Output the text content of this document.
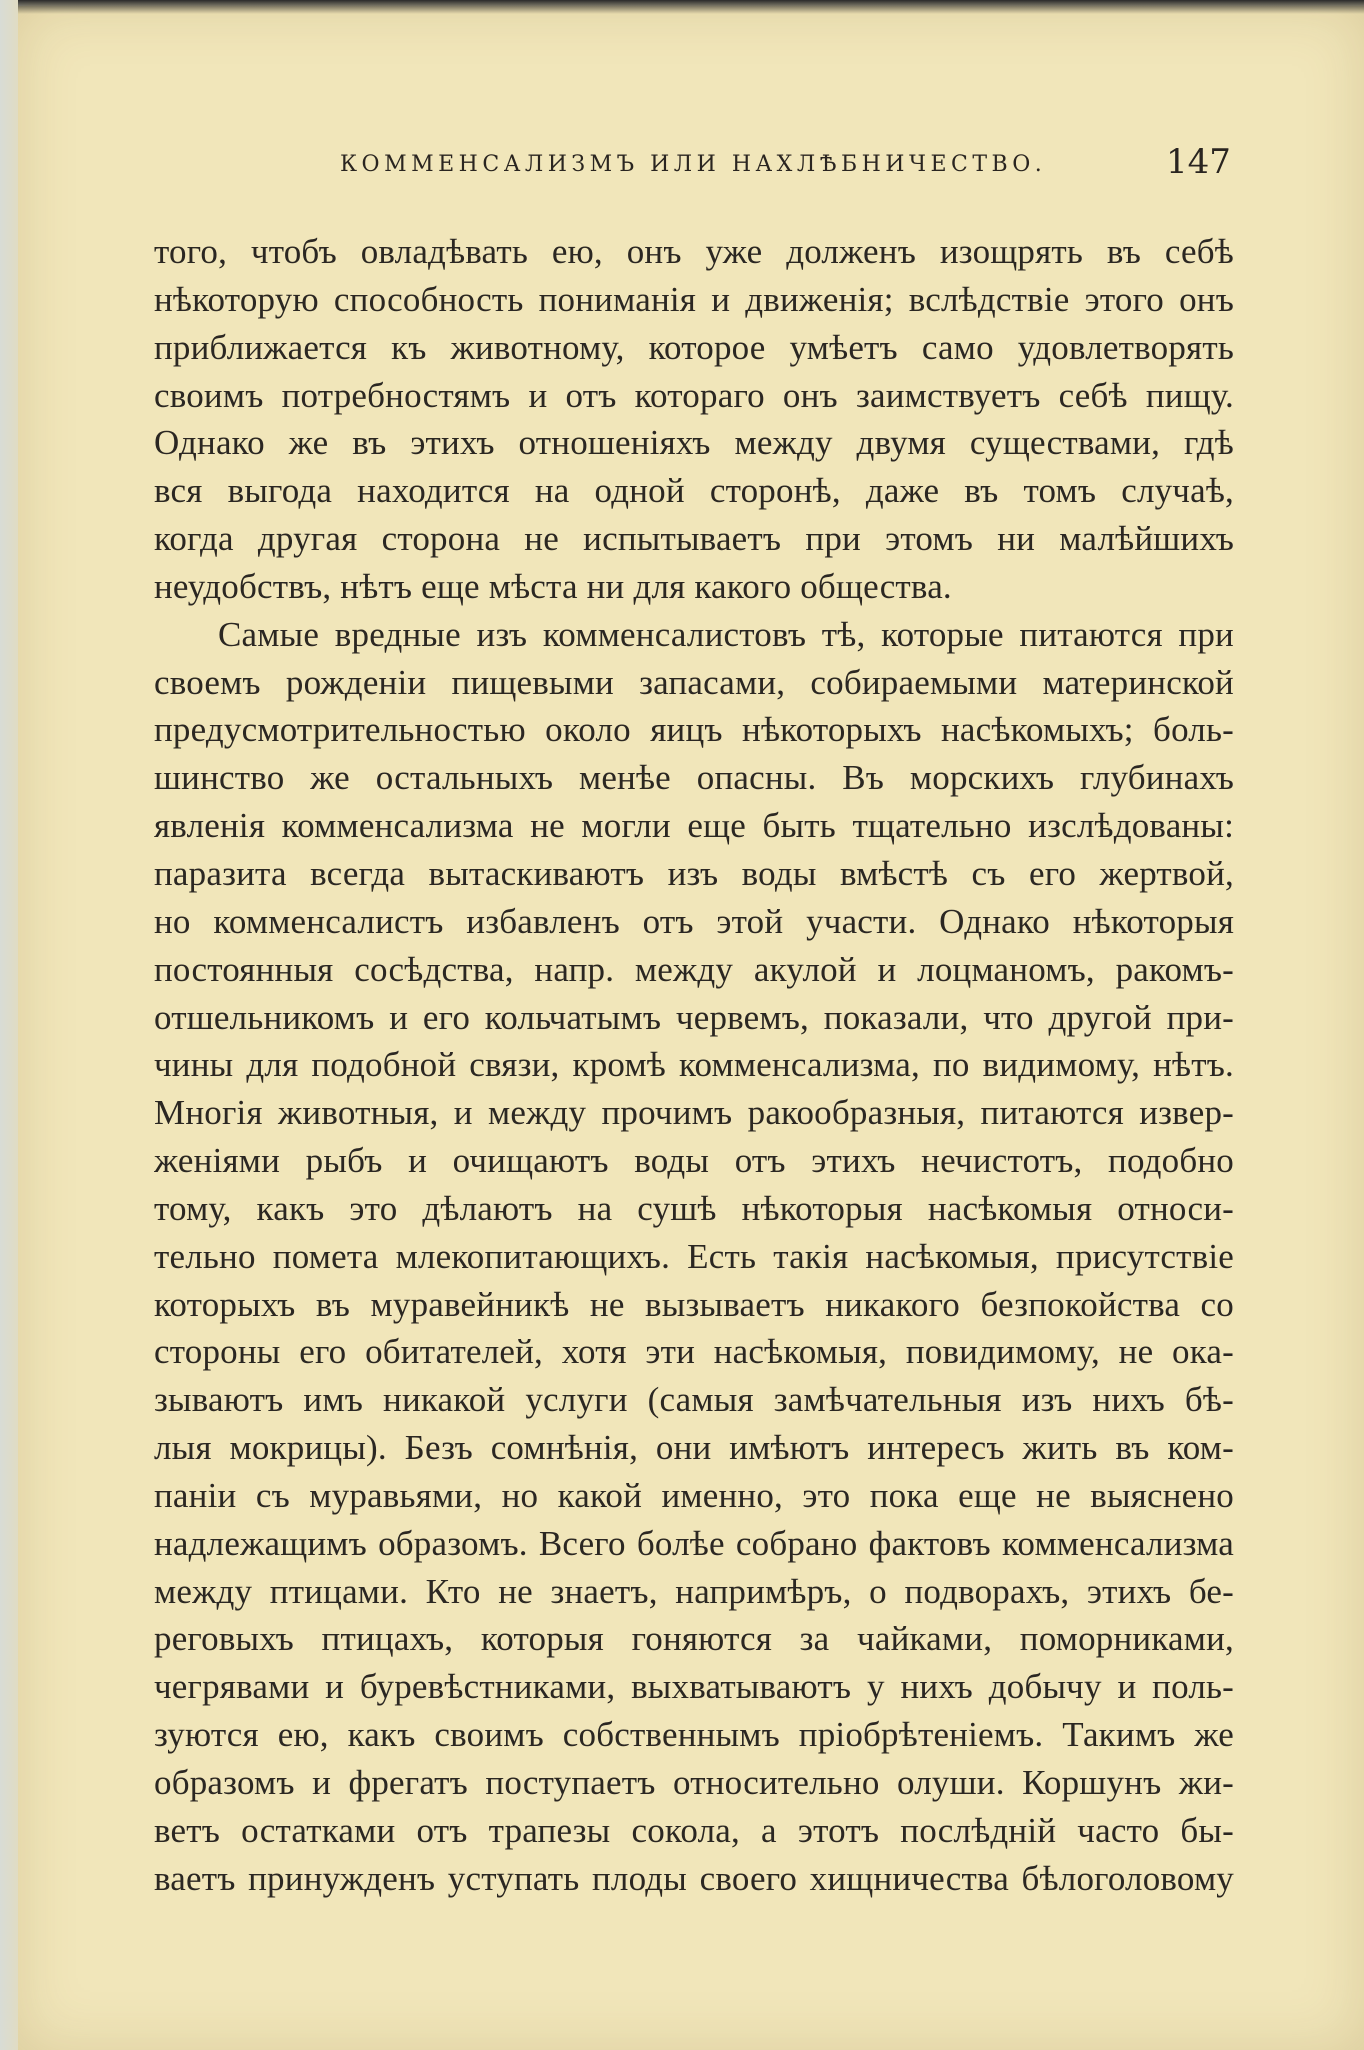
КОММЕНСАЛИЗМЪ ИЛИ НАХЛѢБНИЧЕСТВО.	147
того, чтобъ овладѣвать ею, онъ уже долженъ изощрять въ себѣ
нѣкоторую способность пониманія и движенія; вслѣдствіе этого онъ
приближается къ животному, которое умѣетъ само удовлетворять
своимъ потребностямъ и отъ котораго онъ заимствуетъ себѣ пищу.
Однако же въ этихъ отношеніяхъ между двумя существами, гдѣ
вся выгода находится на одной сторонѣ, даже въ томъ случаѣ,
когда другая сторона не испытываетъ при этомъ ни малѣйшихъ
неудобствъ, нѣтъ еще мѣста ни для какого общества.
Самые вредные изъ комменсалистовъ тѣ, которые питаются при
своемъ рожденіи пищевыми запасами, собираемыми материнской
предусмотрительностью около яицъ нѣкоторыхъ насѣкомыхъ; боль-
шинство же остальныхъ менѣе опасны. Въ морскихъ глубинахъ
явленія комменсализма не могли еще быть тщательно изслѣдованы:
паразита всегда вытаскиваютъ изъ воды вмѣстѣ съ его жертвой,
но комменсалистъ избавленъ отъ этой участи. Однако нѣкоторыя
постоянныя сосѣдства, напр. между акулой и лоцманомъ, ракомъ-
отшельникомъ и его кольчатымъ червемъ, показали, что другой при-
чины для подобной связи, кромѣ комменсализма, по видимому, нѣтъ.
Многія животныя, и между прочимъ ракообразныя, питаются извер-
женіями рыбъ и очищаютъ воды отъ этихъ нечистотъ, подобно
тому, какъ это дѣлаютъ на сушѣ нѣкоторыя насѣкомыя относи-
тельно помета млекопитающихъ. Есть такія насѣкомыя, присутствіе
которыхъ въ муравейникѣ не вызываетъ никакого безпокойства со
стороны его обитателей, хотя эти насѣкомыя, повидимому, не ока-
зываютъ имъ никакой услуги (самыя замѣчательныя изъ нихъ бѣ-
лыя мокрицы). Безъ сомнѣнія, они имѣютъ интересъ жить въ ком-
паніи съ муравьями, но какой именно, это пока еще не выяснено
надлежащимъ образомъ. Всего болѣе собрано фактовъ комменсализма
между птицами. Кто не знаетъ, напримѣръ, о подворахъ, этихъ бе-
реговыхъ птицахъ, которыя гоняются за чайками, поморниками,
чегрявами и буревѣстниками, выхватываютъ у нихъ добычу и поль-
зуются ею, какъ своимъ собственнымъ пріобрѣтеніемъ. Такимъ же
образомъ и фрегатъ поступаетъ относительно олуши. Коршунъ жи-
ветъ остатками отъ трапезы сокола, а этотъ послѣдній часто бы-
ваетъ принужденъ уступать плоды своего хищничества бѣлоголовому
